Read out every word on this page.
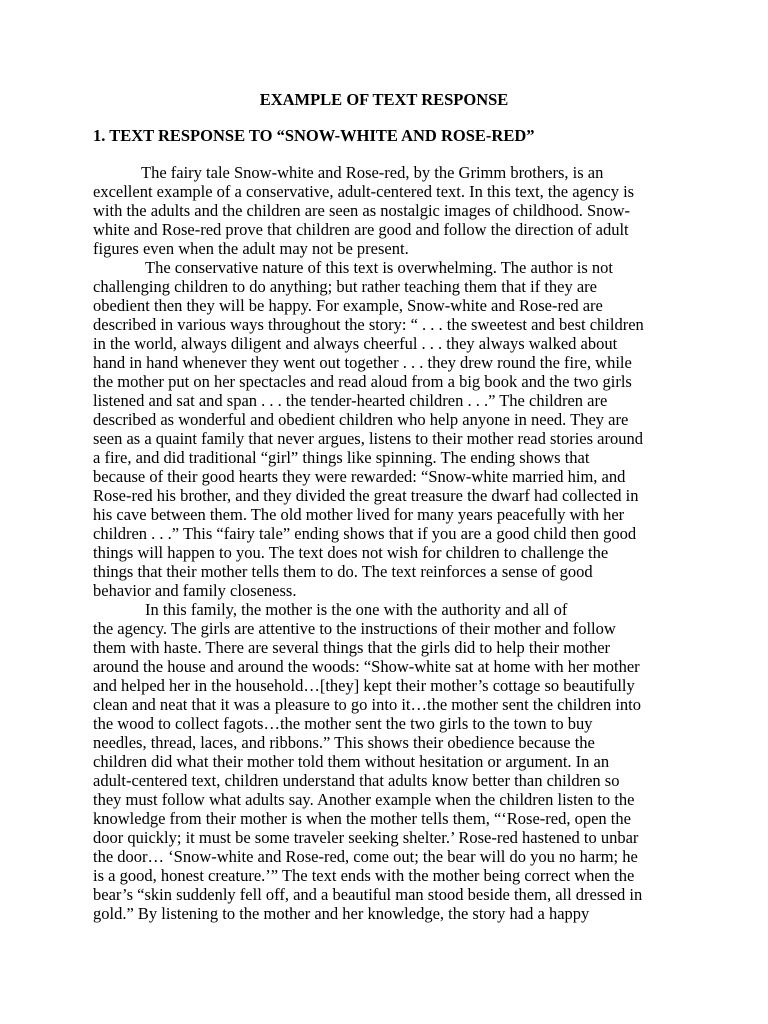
EXAMPLE OF TEXT RESPONSE
1. TEXT RESPONSE TO “SNOW-WHITE AND ROSE-RED”
The fairy tale Snow-white and Rose-red, by the Grimm brothers, is an
excellent example of a conservative, adult-centered text. In this text, the agency is
with the adults and the children are seen as nostalgic images of childhood. Snow-
white and Rose-red prove that children are good and follow the direction of adult
figures even when the adult may not be present.
The conservative nature of this text is overwhelming. The author is not
challenging children to do anything; but rather teaching them that if they are
obedient then they will be happy. For example, Snow-white and Rose-red are
described in various ways throughout the story: “ . . . the sweetest and best children
in the world, always diligent and always cheerful . . . they always walked about
hand in hand whenever they went out together . . . they drew round the fire, while
the mother put on her spectacles and read aloud from a big book and the two girls
listened and sat and span . . . the tender-hearted children . . .” The children are
described as wonderful and obedient children who help anyone in need. They are
seen as a quaint family that never argues, listens to their mother read stories around
a fire, and did traditional “girl” things like spinning. The ending shows that
because of their good hearts they were rewarded: “Snow-white married him, and
Rose-red his brother, and they divided the great treasure the dwarf had collected in
his cave between them. The old mother lived for many years peacefully with her
children . . .” This “fairy tale” ending shows that if you are a good child then good
things will happen to you. The text does not wish for children to challenge the
things that their mother tells them to do. The text reinforces a sense of good
behavior and family closeness.
In this family, the mother is the one with the authority and all of
the agency. The girls are attentive to the instructions of their mother and follow
them with haste. There are several things that the girls did to help their mother
around the house and around the woods: “Show-white sat at home with her mother
and helped her in the household…[they] kept their mother’s cottage so beautifully
clean and neat that it was a pleasure to go into it…the mother sent the children into
the wood to collect fagots…the mother sent the two girls to the town to buy
needles, thread, laces, and ribbons.” This shows their obedience because the
children did what their mother told them without hesitation or argument. In an
adult-centered text, children understand that adults know better than children so
they must follow what adults say. Another example when the children listen to the
knowledge from their mother is when the mother tells them, “‘Rose-red, open the
door quickly; it must be some traveler seeking shelter.’ Rose-red hastened to unbar
the door… ‘Snow-white and Rose-red, come out; the bear will do you no harm; he
is a good, honest creature.’” The text ends with the mother being correct when the
bear’s “skin suddenly fell off, and a beautiful man stood beside them, all dressed in
gold.” By listening to the mother and her knowledge, the story had a happy
